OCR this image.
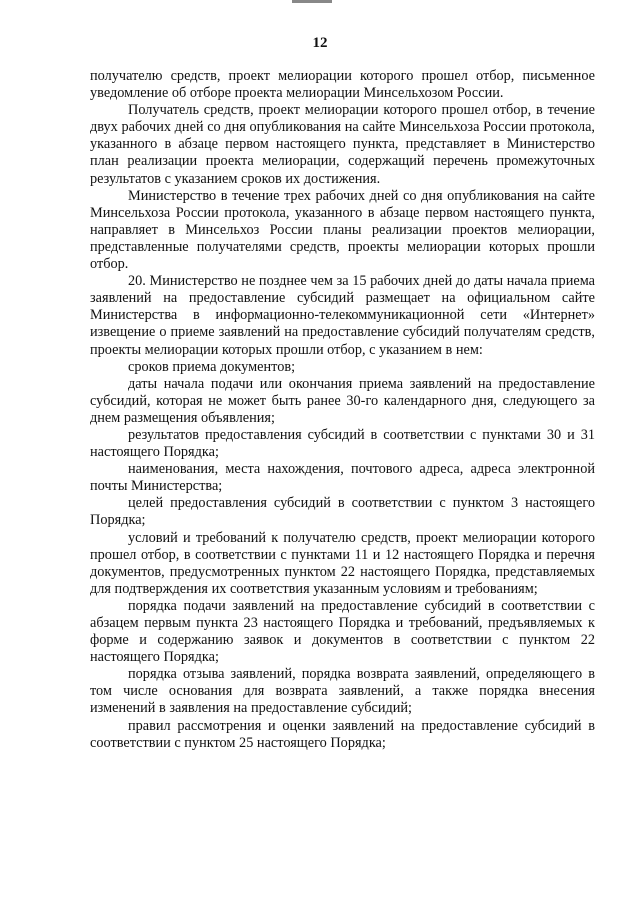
12

получателю средств, проект мелиорации которого прошел отбор, письменное уведомление об отборе проекта мелиорации Минсельхозом России.

Получатель средств, проект мелиорации которого прошел отбор, в течение двух рабочих дней со дня опубликования на сайте Минсельхоза России протокола, указанного в абзаце первом настоящего пункта, представляет в Министерство план реализации проекта мелиорации, содержащий перечень промежуточных результатов с указанием сроков их достижения.

Министерство в течение трех рабочих дней со дня опубликования на сайте Минсельхоза России протокола, указанного в абзаце первом настоящего пункта, направляет в Минсельхоз России планы реализации проектов мелиорации, представленные получателями средств, проекты мелиорации которых прошли отбор.

20. Министерство не позднее чем за 15 рабочих дней до даты начала приема заявлений на предоставление субсидий размещает на официальном сайте Министерства в информационно-телекоммуникационной сети «Интернет» извещение о приеме заявлений на предоставление субсидий получателям средств, проекты мелиорации которых прошли отбор, с указанием в нем:

сроков приема документов;

даты начала подачи или окончания приема заявлений на предоставление субсидий, которая не может быть ранее 30-го календарного дня, следующего за днем размещения объявления;

результатов предоставления субсидий в соответствии с пунктами 30 и 31 настоящего Порядка;

наименования, места нахождения, почтового адреса, адреса электронной почты Министерства;

целей предоставления субсидий в соответствии с пунктом 3 настоящего Порядка;

условий и требований к получателю средств, проект мелиорации которого прошел отбор, в соответствии с пунктами 11 и 12 настоящего Порядка и перечня документов, предусмотренных пунктом 22 настоящего Порядка, представляемых для подтверждения их соответствия указанным условиям и требованиям;

порядка подачи заявлений на предоставление субсидий в соответствии с абзацем первым пункта 23 настоящего Порядка и требований, предъявляемых к форме и содержанию заявок и документов в соответствии с пунктом 22 настоящего Порядка;

порядка отзыва заявлений, порядка возврата заявлений, определяющего в том числе основания для возврата заявлений, а также порядка внесения изменений в заявления на предоставление субсидий;

правил рассмотрения и оценки заявлений на предоставление субсидий в соответствии с пунктом 25 настоящего Порядка;
